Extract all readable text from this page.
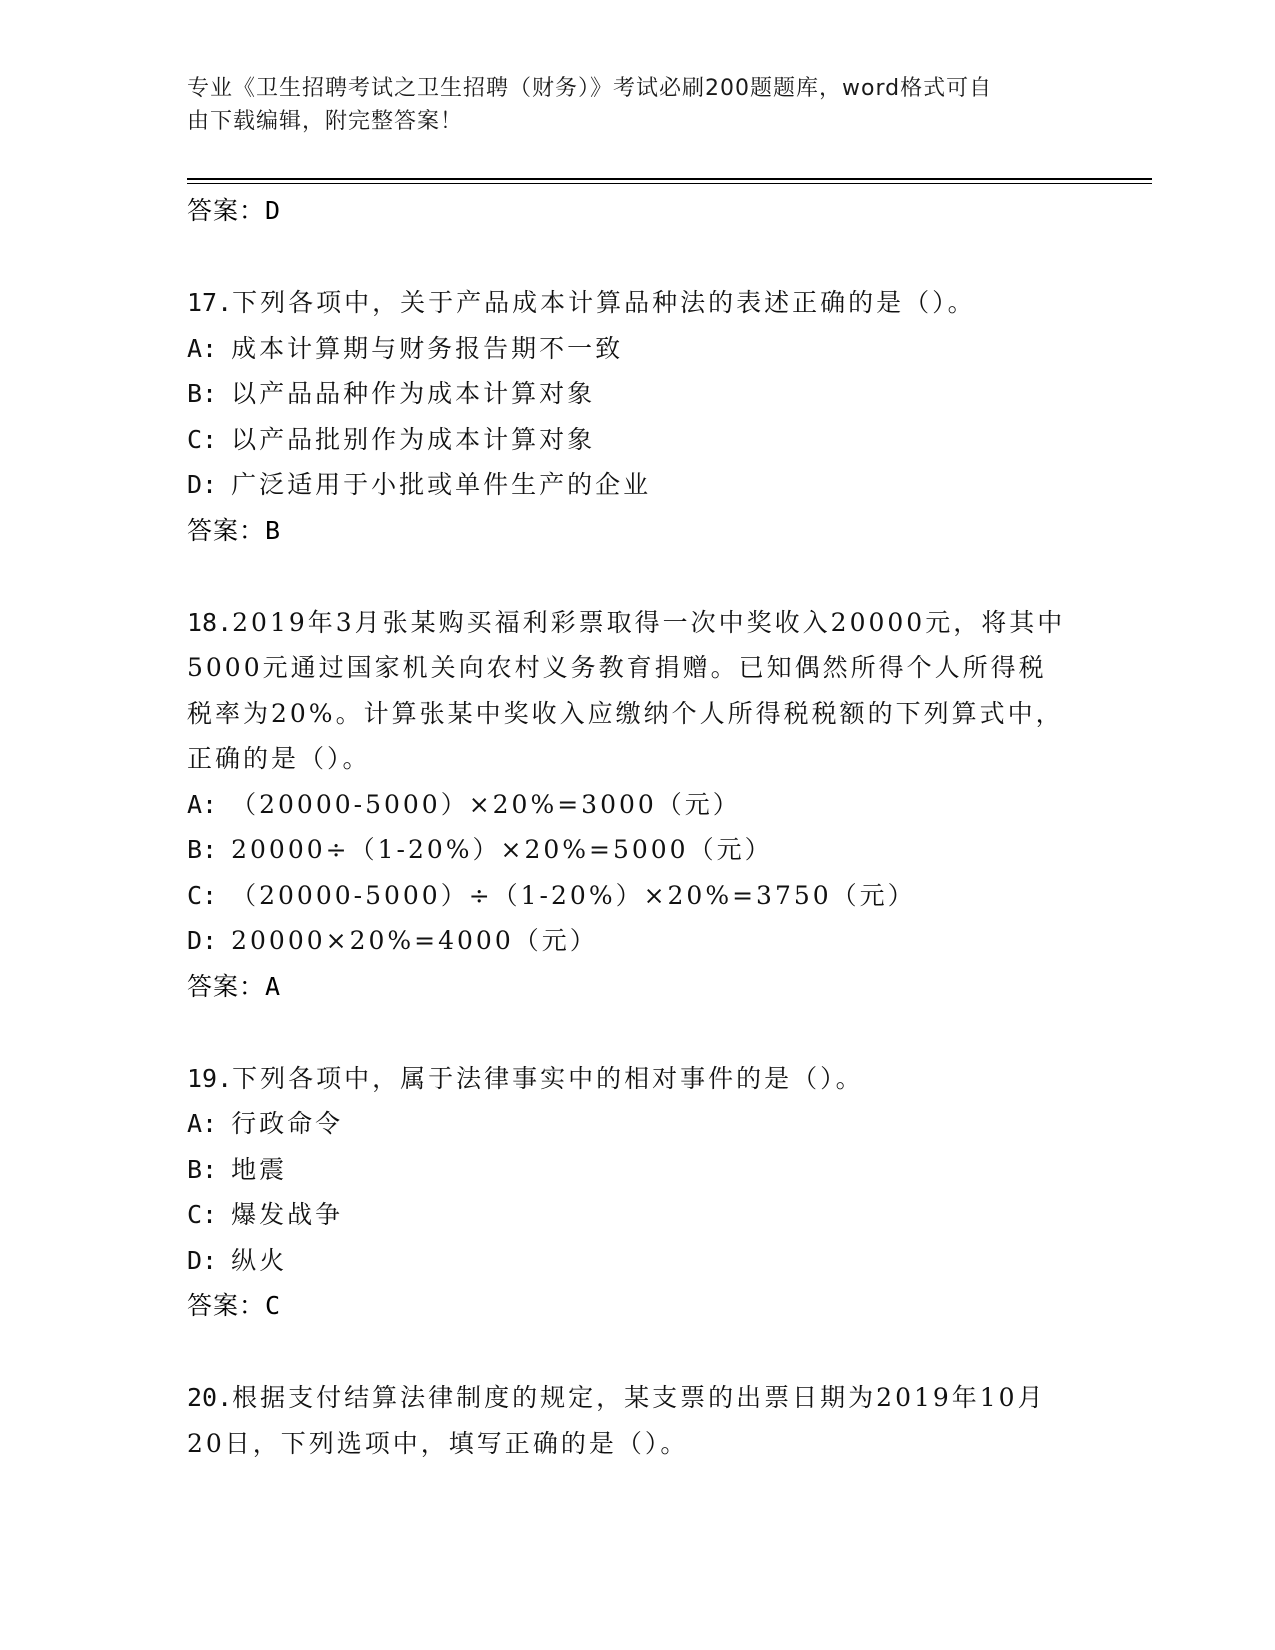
专业《卫生招聘考试之卫生招聘（财务）》考试必刷200题题库，word格式可自
由下载编辑，附完整答案！
答案：D

17.下列各项中，关于产品成本计算品种法的表述正确的是（）。

A: 成本计算期与财务报告期不一致
B: 以产品品种作为成本计算对象
C: 以产品批别作为成本计算对象
D: 广泛适用于小批或单件生产的企业
答案：B

18.2019年3月张某购买福利彩票取得一次中奖收入20000元，将其中
5000元通过国家机关向农村义务教育捐赠。已知偶然所得个人所得税
税率为20%。计算张某中奖收入应缴纳个人所得税税额的下列算式中，
正确的是（）。

A: （20000-5000）×20%=3000（元）
B: 20000÷（1-20%）×20%=5000（元）
C: （20000-5000）÷（1-20%）×20%=3750（元）
D: 20000×20%=4000（元）
答案：A

19.下列各项中，属于法律事实中的相对事件的是（）。

A: 行政命令
B: 地震
C: 爆发战争
D: 纵火
答案：C

20.根据支付结算法律制度的规定，某支票的出票日期为2019年10月
20日，下列选项中，填写正确的是（）。
